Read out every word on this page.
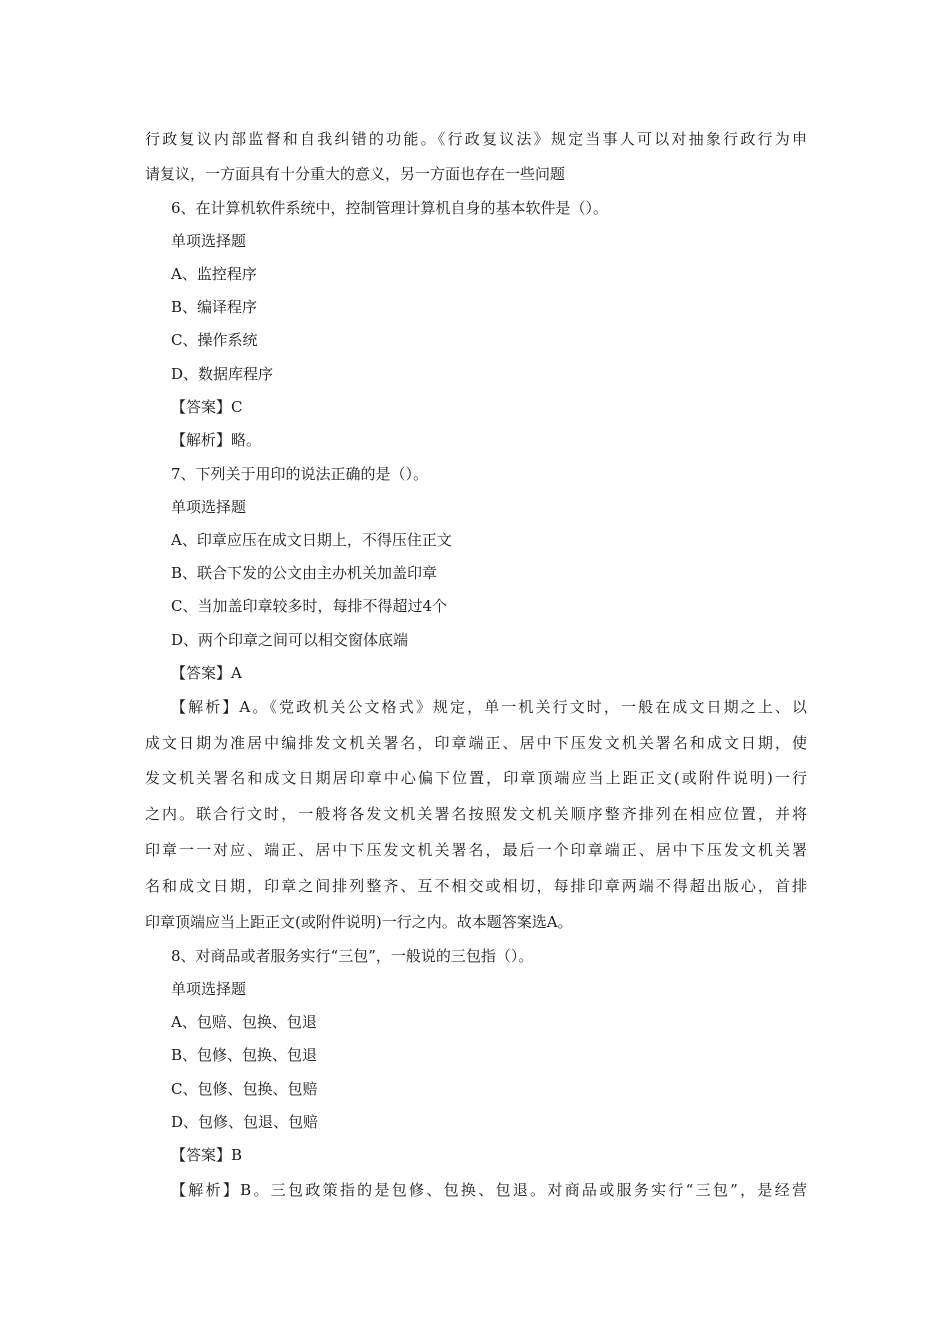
行政复议内部监督和自我纠错的功能。《行政复议法》规定当事人可以对抽象行政行为申
请复议，一方面具有十分重大的意义，另一方面也存在一些问题
6、在计算机软件系统中，控制管理计算机自身的基本软件是（）。
单项选择题
A、监控程序
B、编译程序
C、操作系统
D、数据库程序
【答案】C
【解析】略。
7、下列关于用印的说法正确的是（）。
单项选择题
A、印章应压在成文日期上，不得压住正文
B、联合下发的公文由主办机关加盖印章
C、当加盖印章较多时，每排不得超过4个
D、两个印章之间可以相交窗体底端
【答案】A
【解析】A。《党政机关公文格式》规定，单一机关行文时，一般在成文日期之上、以
成文日期为准居中编排发文机关署名，印章端正、居中下压发文机关署名和成文日期，使
发文机关署名和成文日期居印章中心偏下位置，印章顶端应当上距正文(或附件说明)一行
之内。联合行文时，一般将各发文机关署名按照发文机关顺序整齐排列在相应位置，并将
印章一一对应、端正、居中下压发文机关署名，最后一个印章端正、居中下压发文机关署
名和成文日期，印章之间排列整齐、互不相交或相切，每排印章两端不得超出版心，首排
印章顶端应当上距正文(或附件说明)一行之内。故本题答案选A。
8、对商品或者服务实行“三包”，一般说的三包指（）。
单项选择题
A、包赔、包换、包退
B、包修、包换、包退
C、包修、包换、包赔
D、包修、包退、包赔
【答案】B
【解析】B。三包政策指的是包修、包换、包退。对商品或服务实行“三包”，是经营
